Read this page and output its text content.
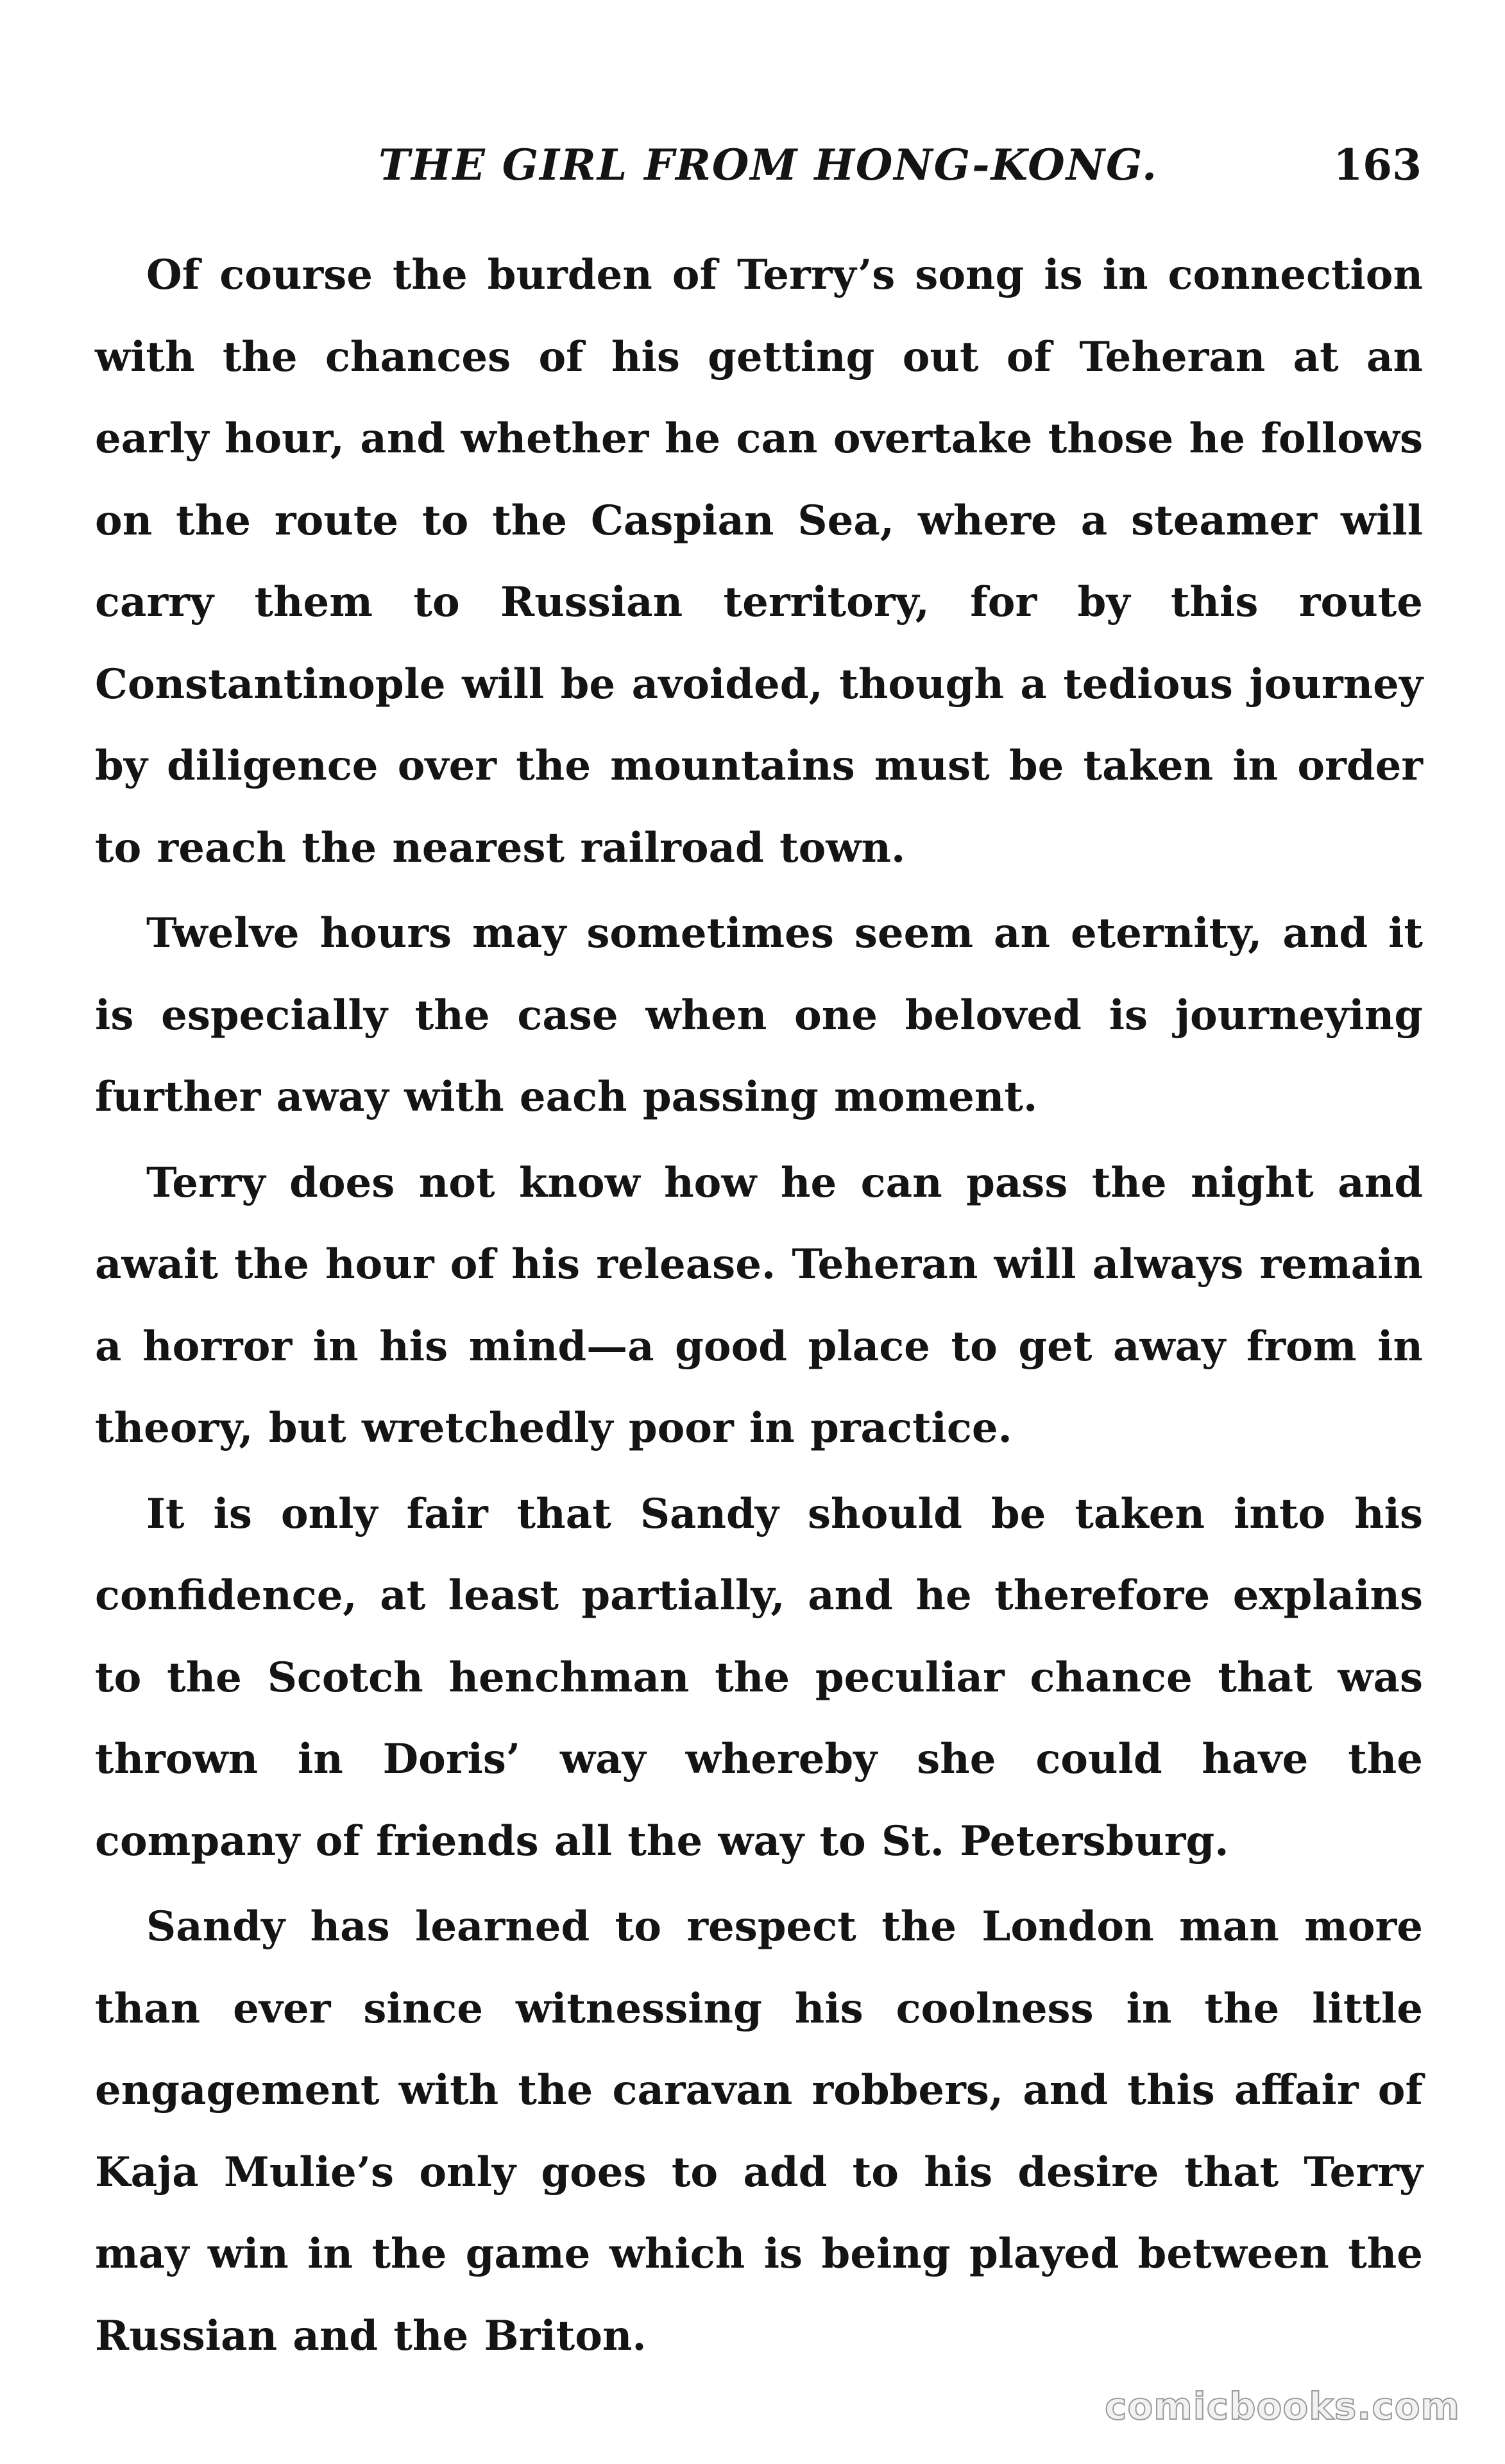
THE GIRL FROM HONG-KONG.	163

Of course the burden of Terry’s song is in connection with the chances of his getting out of Teheran at an early hour, and whether he can overtake those he follows on the route to the Caspian Sea, where a steamer will carry them to Russian territory, for by this route Constantinople will be avoided, though a tedious journey by diligence over the mountains must be taken in order to reach the nearest railroad town.

Twelve hours may sometimes seem an eternity, and it is especially the case when one beloved is journeying further away with each passing moment.

Terry does not know how he can pass the night and await the hour of his release. Teheran will always remain a horror in his mind—a good place to get away from in theory, but wretchedly poor in practice.

It is only fair that Sandy should be taken into his confidence, at least partially, and he therefore explains to the Scotch henchman the peculiar chance that was thrown in Doris’ way whereby she could have the company of friends all the way to St. Petersburg.

Sandy has learned to respect the London man more than ever since witnessing his coolness in the little engagement with the caravan robbers, and this affair of Kaja Mulie’s only goes to add to his desire that Terry may win in the game which is being played between the Russian and the Briton.

comicbooks.com
